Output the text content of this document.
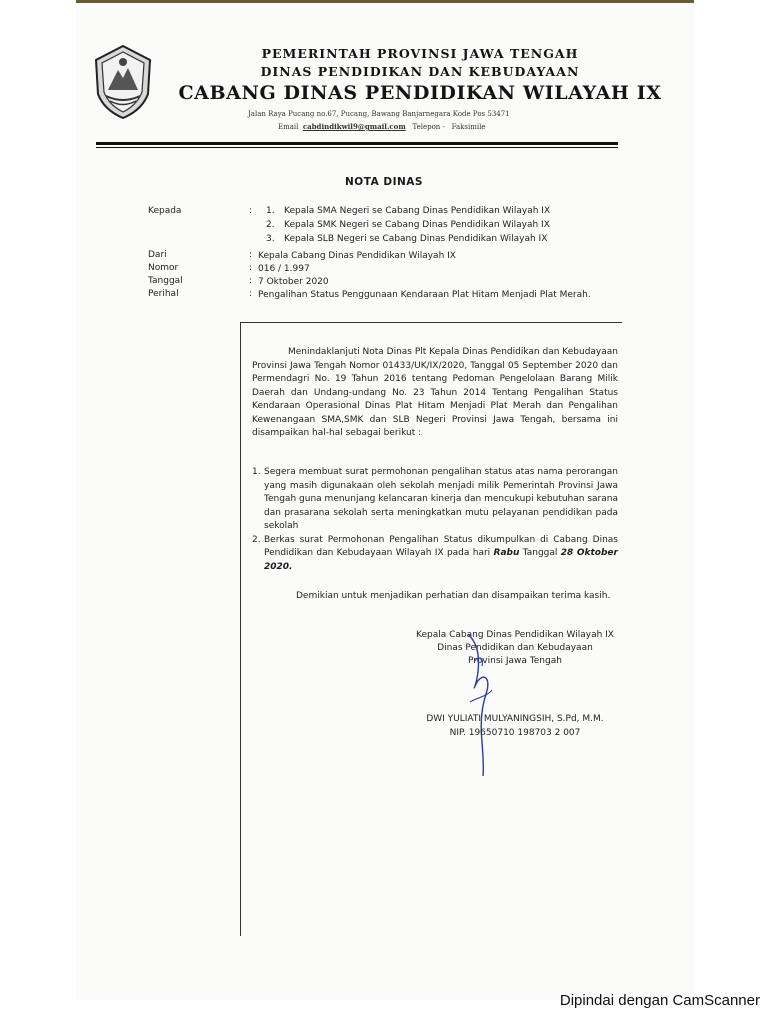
PEMERINTAH PROVINSI JAWA TENGAH
DINAS PENDIDIKAN DAN KEBUDAYAAN
CABANG DINAS PENDIDIKAN WILAYAH IX
Jalan Raya Pucang no.67, Pucang, Bawang Banjarnegara Kode Pos 53471
Email cabdindikwil9@gmail.com Telepon -   Faksimile
NOTA DINAS
Kepada	: 1. Kepala SMA Negeri se Cabang Dinas Pendidikan Wilayah IX
2. Kepala SMK Negeri se Cabang Dinas Pendidikan Wilayah IX
3. Kepala SLB Negeri se Cabang Dinas Pendidikan Wilayah IX
Dari	: Kepala Cabang Dinas Pendidikan Wilayah IX
Nomor	: 016 / 1.997
Tanggal	: 7 Oktober 2020
Perihal	: Pengalihan Status Penggunaan Kendaraan Plat Hitam Menjadi Plat Merah.
Menindaklanjuti Nota Dinas Plt Kepala Dinas Pendidikan dan Kebudayaan Provinsi Jawa Tengah Nomor 01433/UK/IX/2020, Tanggal 05 September 2020 dan Permendagri No. 19 Tahun 2016 tentang Pedoman Pengelolaan Barang Milik Daerah dan Undang-undang No. 23 Tahun 2014 Tentang Pengalihan Status Kendaraan Operasional Dinas Plat Hitam Menjadi Plat Merah dan Pengalihan Kewenangaan SMA,SMK dan SLB Negeri Provinsi Jawa Tengah, bersama ini disampaikan hal-hal sebagai berikut :
1. Segera membuat surat permohonan pengalihan status atas nama perorangan yang masih digunakaan oleh sekolah menjadi milik Pemerintah Provinsi Jawa Tengah guna menunjang kelancaran kinerja dan mencukupi kebutuhan sarana dan prasarana sekolah serta meningkatkan mutu pelayanan pendidikan pada sekolah
2. Berkas surat Permohonan Pengalihan Status dikumpulkan di Cabang Dinas Pendidikan dan Kebudayaan Wilayah IX pada hari Rabu Tanggal 28 Oktober 2020.
Demikian untuk menjadikan perhatian dan disampaikan terima kasih.
Kepala Cabang Dinas Pendidikan Wilayah IX
Dinas Pendidikan dan Kebudayaan
Provinsi Jawa Tengah
DWI YULIATI MULYANINGSIH, S.Pd, M.M.
NIP. 19650710 198703 2 007
Dipindai dengan CamScanner
